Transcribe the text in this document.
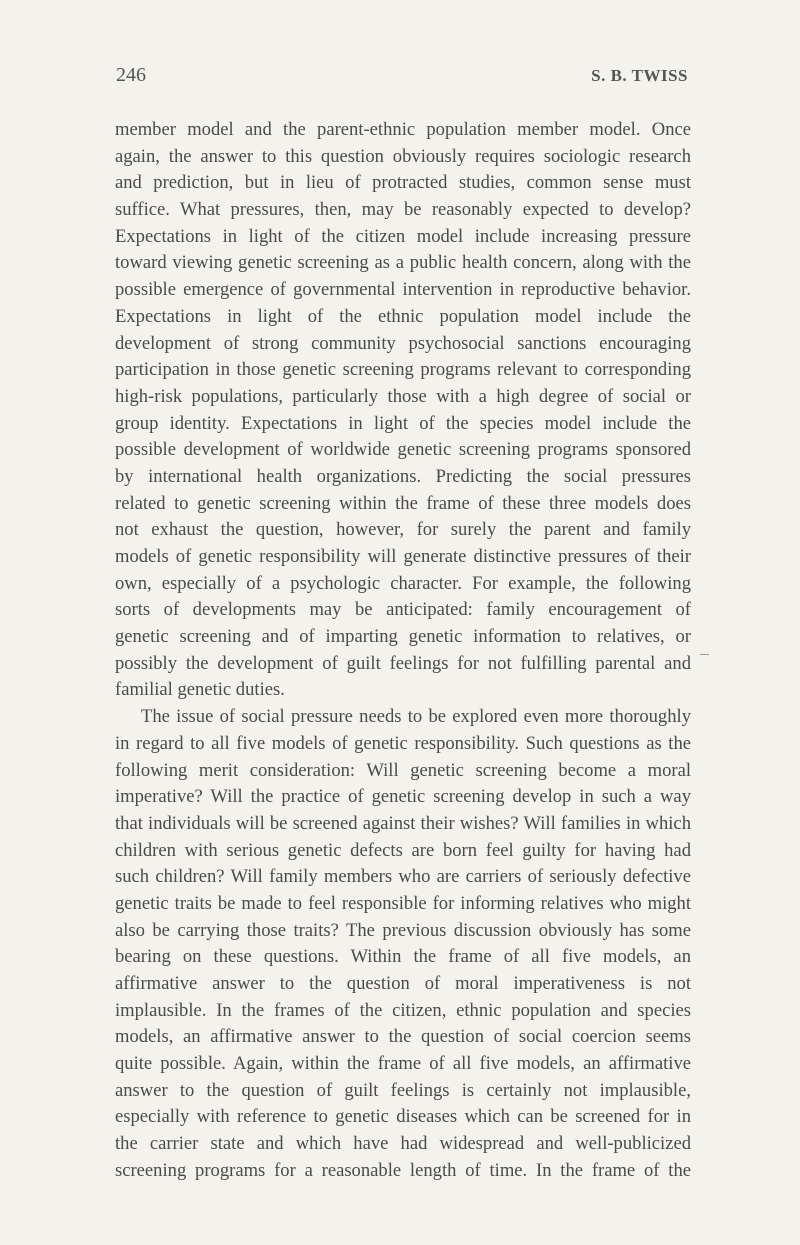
246	S. B. TWISS
member model and the parent-ethnic population member model. Once
again, the answer to this question obviously requires sociologic research
and prediction, but in lieu of protracted studies, common sense must
suffice. What pressures, then, may be reasonably expected to develop?
Expectations in light of the citizen model include increasing pressure
toward viewing genetic screening as a public health concern, along with the
possible emergence of governmental intervention in reproductive behavior.
Expectations in light of the ethnic population model include the
development of strong community psychosocial sanctions encouraging
participation in those genetic screening programs relevant to corresponding
high-risk populations, particularly those with a high degree of social or
group identity. Expectations in light of the species model include the
possible development of worldwide genetic screening programs sponsored
by international health organizations. Predicting the social pressures
related to genetic screening within the frame of these three models does
not exhaust the question, however, for surely the parent and family
models of genetic responsibility will generate distinctive pressures of their
own, especially of a psychologic character. For example, the following
sorts of developments may be anticipated: family encouragement of
genetic screening and of imparting genetic information to relatives, or
possibly the development of guilt feelings for not fulfilling parental and
familial genetic duties.
The issue of social pressure needs to be explored even more thoroughly
in regard to all five models of genetic responsibility. Such questions as the
following merit consideration: Will genetic screening become a moral
imperative? Will the practice of genetic screening develop in such a way
that individuals will be screened against their wishes? Will families in which
children with serious genetic defects are born feel guilty for having had
such children? Will family members who are carriers of seriously defective
genetic traits be made to feel responsible for informing relatives who might
also be carrying those traits? The previous discussion obviously has some
bearing on these questions. Within the frame of all five models, an
affirmative answer to the question of moral imperativeness is not
implausible. In the frames of the citizen, ethnic population and species
models, an affirmative answer to the question of social coercion seems
quite possible. Again, within the frame of all five models, an affirmative
answer to the question of guilt feelings is certainly not implausible,
especially with reference to genetic diseases which can be screened for in
the carrier state and which have had widespread and well-publicized
screening programs for a reasonable length of time. In the frame of the
